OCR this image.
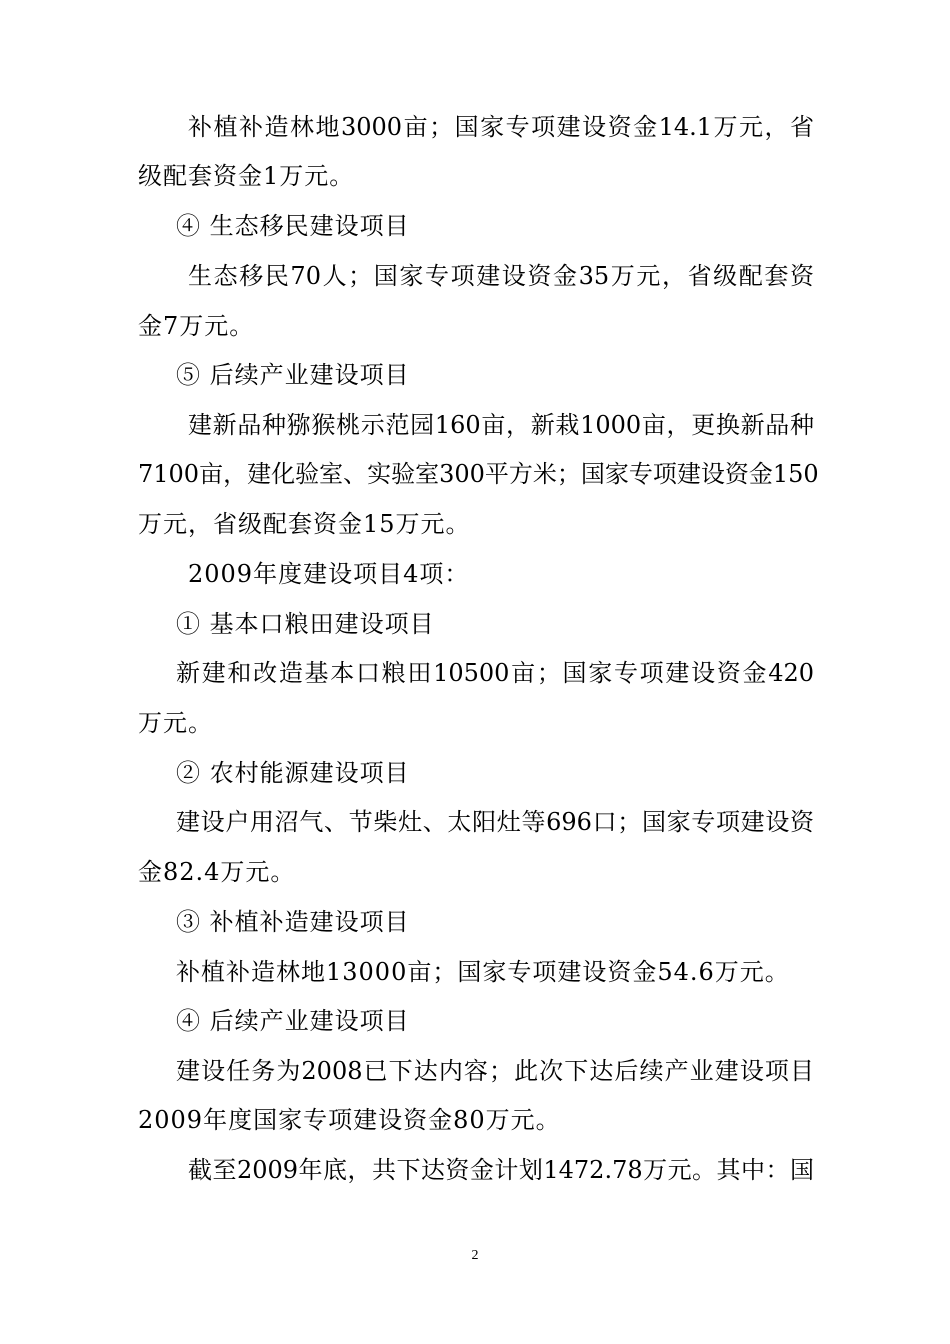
补植补造林地3000亩；国家专项建设资金14.1万元，省
级配套资金1万元。
④ 生态移民建设项目
生态移民70人；国家专项建设资金35万元，省级配套资
金7万元。
⑤ 后续产业建设项目
建新品种猕猴桃示范园160亩，新栽1000亩，更换新品种
7100亩，建化验室、实验室300平方米；国家专项建设资金150
万元，省级配套资金15万元。
2009年度建设项目4项：
① 基本口粮田建设项目
新建和改造基本口粮田10500亩；国家专项建设资金420
万元。
② 农村能源建设项目
建设户用沼气、节柴灶、太阳灶等696口；国家专项建设资
金82.4万元。
③ 补植补造建设项目
补植补造林地13000亩；国家专项建设资金54.6万元。
④ 后续产业建设项目
建设任务为2008已下达内容；此次下达后续产业建设项目
2009年度国家专项建设资金80万元。
截至2009年底，共下达资金计划1472.78万元。其中：国
2
